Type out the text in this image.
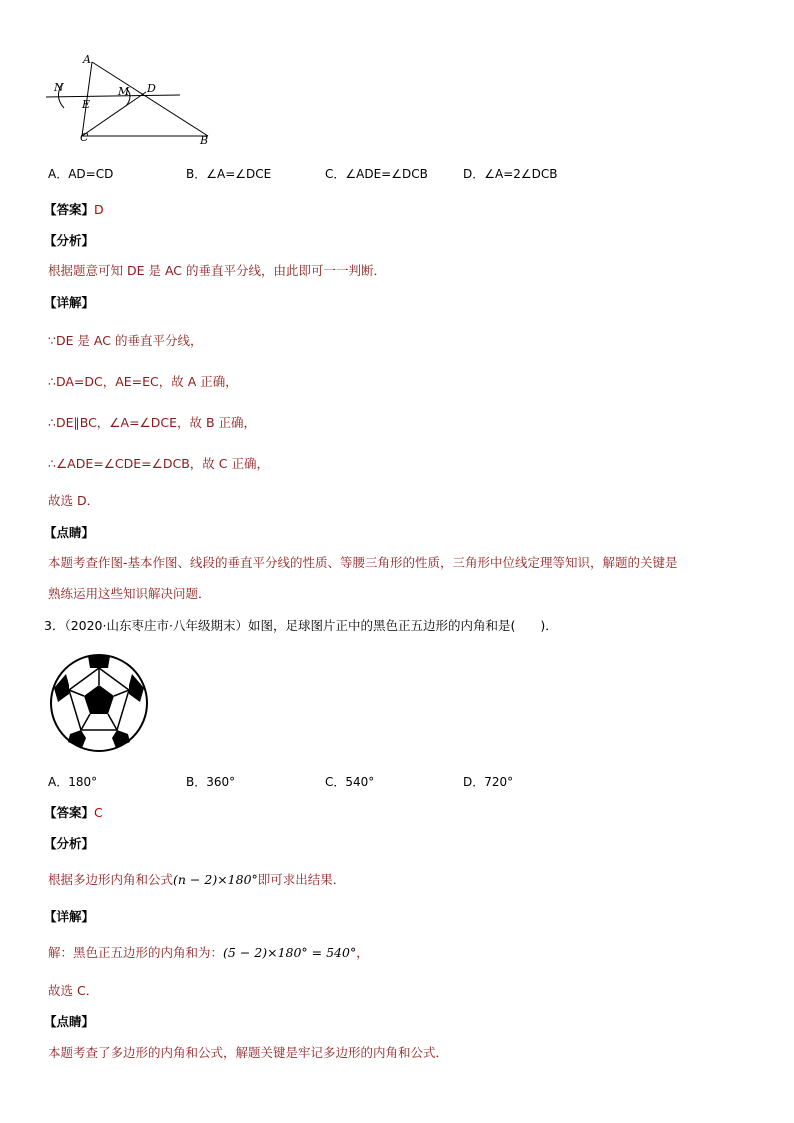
A
N
E
M D
C	B
A．AD=CD	B．∠A=∠DCE	C．∠ADE=∠DCB	D．∠A=2∠DCB
【答案】D
【分析】
根据题意可知 DE 是 AC 的垂直平分线，由此即可一一判断．
【详解】
∵DE 是 AC 的垂直平分线，
∴DA=DC，AE=EC，故 A 正确，
∴DE∥BC，∠A=∠DCE，故 B 正确，
∴∠ADE=∠CDE=∠DCB，故 C 正确，
故选 D．
【点睛】
本题考查作图-基本作图、线段的垂直平分线的性质、等腰三角形的性质，三角形中位线定理等知识，解题的关键是
熟练运用这些知识解决问题．
3．（2020·山东枣庄市·八年级期末）如图，足球图片正中的黑色正五边形的内角和是(　　)．
A．180°	B．360°	C．540°	D．720°
【答案】C
【分析】
根据多边形内角和公式(n − 2)×180°即可求出结果．
【详解】
解：黑色正五边形的内角和为：(5 − 2)×180° = 540°，
故选 C．
【点睛】
本题考查了多边形的内角和公式，解题关键是牢记多边形的内角和公式．
